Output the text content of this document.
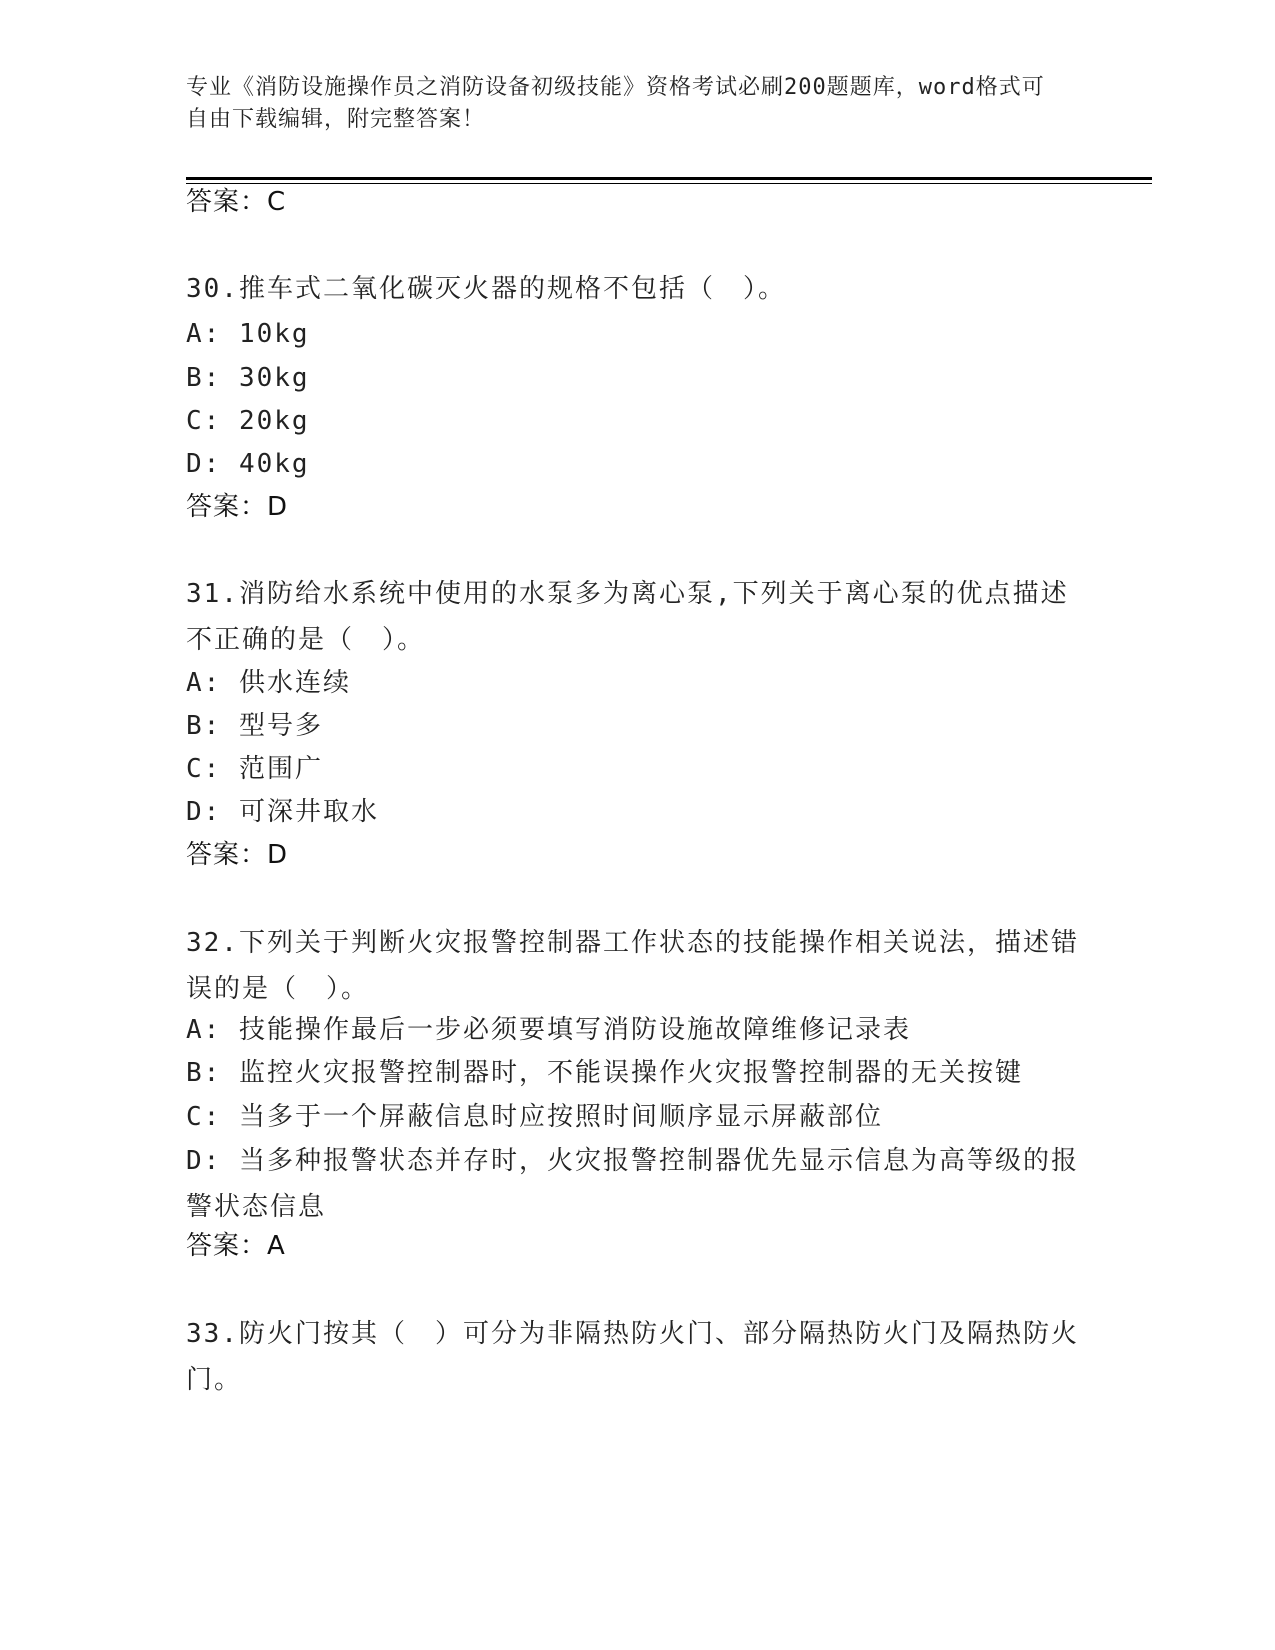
专业《消防设施操作员之消防设备初级技能》资格考试必刷200题题库，word格式可自由下载编辑，附完整答案！
答案：C
30.推车式二氧化碳灭火器的规格不包括（　）。
A: 10kg
B: 30kg
C: 20kg
D: 40kg
答案：D
31.消防给水系统中使用的水泵多为离心泵,下列关于离心泵的优点描述不正确的是（　）。
A: 供水连续
B: 型号多
C: 范围广
D: 可深井取水
答案：D
32.下列关于判断火灾报警控制器工作状态的技能操作相关说法，描述错误的是（　）。
A: 技能操作最后一步必须要填写消防设施故障维修记录表
B: 监控火灾报警控制器时，不能误操作火灾报警控制器的无关按键
C: 当多于一个屏蔽信息时应按照时间顺序显示屏蔽部位
D: 当多种报警状态并存时，火灾报警控制器优先显示信息为高等级的报警状态信息
答案：A
33.防火门按其（　）可分为非隔热防火门、部分隔热防火门及隔热防火门。
